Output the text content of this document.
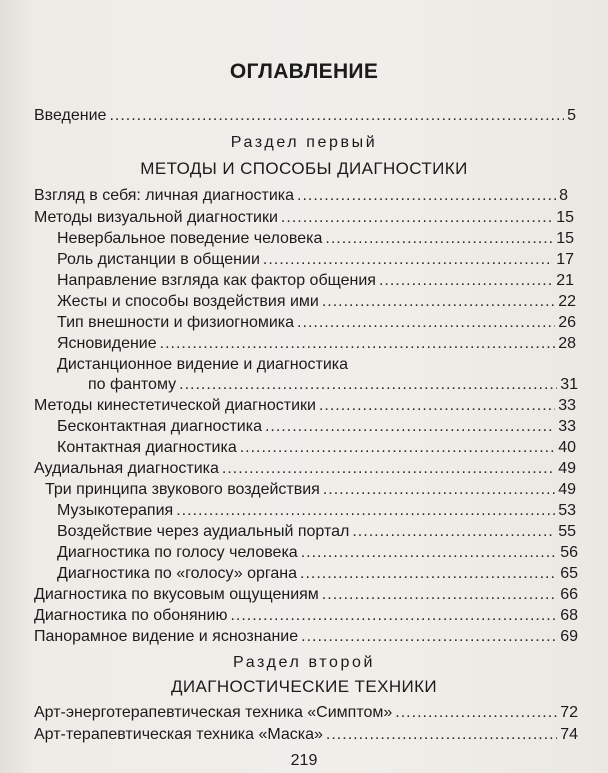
ОГЛАВЛЕНИЕ
Введение .....	5
Раздел первый
МЕТОДЫ И СПОСОБЫ ДИАГНОСТИКИ
Взгляд в себя: личная диагностика .....	8
Методы визуальной диагностики .....	15
Невербальное поведение человека .....	15
Роль дистанции в общении .....	17
Направление взгляда как фактор общения .....	21
Жесты и способы воздействия ими .....	22
Тип внешности и физиогномика .....	26
Ясновидение .....	28
Дистанционное видение и диагностика
по фантому .....	31
Методы кинестетической диагностики .....	33
Бесконтактная диагностика .....	33
Контактная диагностика .....	40
Аудиальная диагностика .....	49
Три принципа звукового воздействия .....	49
Музыкотерапия .....	53
Воздействие через аудиальный портал .....	55
Диагностика по голосу человека .....	56
Диагностика по «голосу» органа .....	65
Диагностика по вкусовым ощущениям .....	66
Диагностика по обонянию .....	68
Панорамное видение и яснознание .....	69
Раздел второй
ДИАГНОСТИЧЕСКИЕ ТЕХНИКИ
Арт-энерготерапевтическая техника «Симптом» .....	72
Арт-терапевтическая техника «Маска» .....	74
219
